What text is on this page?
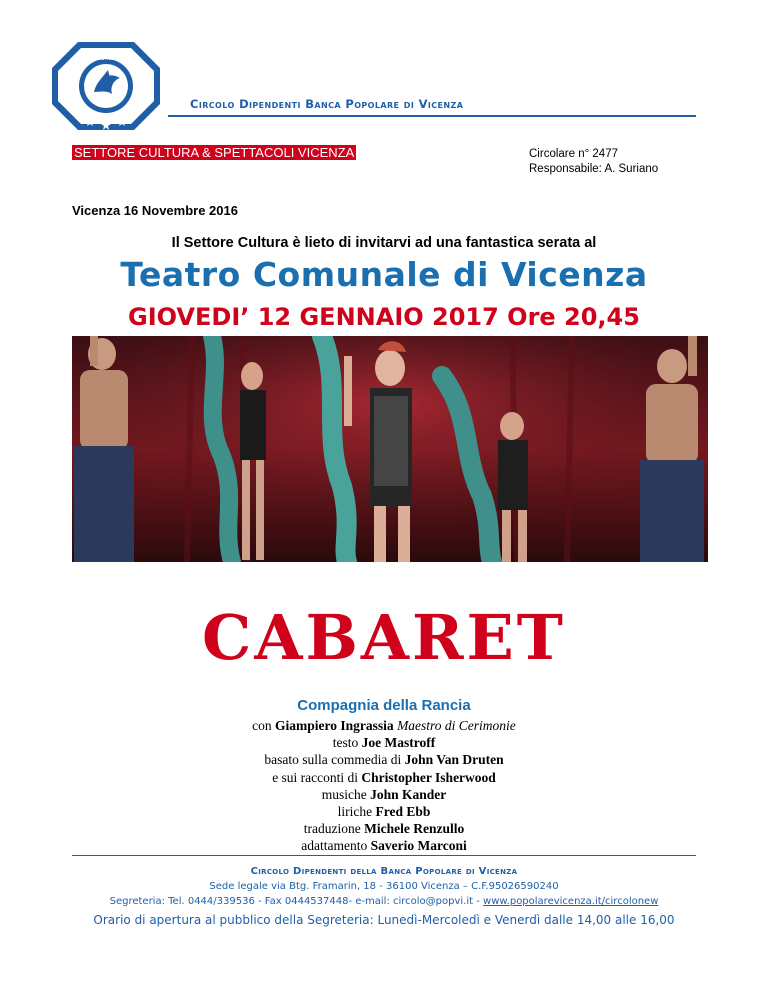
Banca
Circolo	Popolare
Circolo Dipendenti Banca Popolare di Vicenza
SETTORE CULTURA & SPETTACOLI VICENZA	Circolare n° 2477
Responsabile: A. Suriano
Vicenza 16 Novembre 2016
Il Settore Cultura è lieto di invitarvi ad una fantastica serata al
Teatro Comunale di Vicenza
GIOVEDI’ 12 GENNAIO 2017 Ore 20,45
CABARET
Compagnia della Rancia
con Giampiero Ingrassia Maestro di Cerimonie
testo Joe Mastroff
basato sulla commedia di John Van Druten
e sui racconti di Christopher Isherwood
musiche John Kander
liriche Fred Ebb
traduzione Michele Renzullo
adattamento Saverio Marconi
Circolo Dipendenti della Banca Popolare di Vicenza
Sede legale via Btg. Framarin, 18 - 36100 Vicenza – C.F.95026590240
Segreteria: Tel. 0444/339536 - Fax 0444537448- e-mail: circolo@popvi.it - www.popolarevicenza.it/circolonew
Orario di apertura al pubblico della Segreteria: Lunedì-Mercoledì e Venerdì dalle 14,00 alle 16,00
